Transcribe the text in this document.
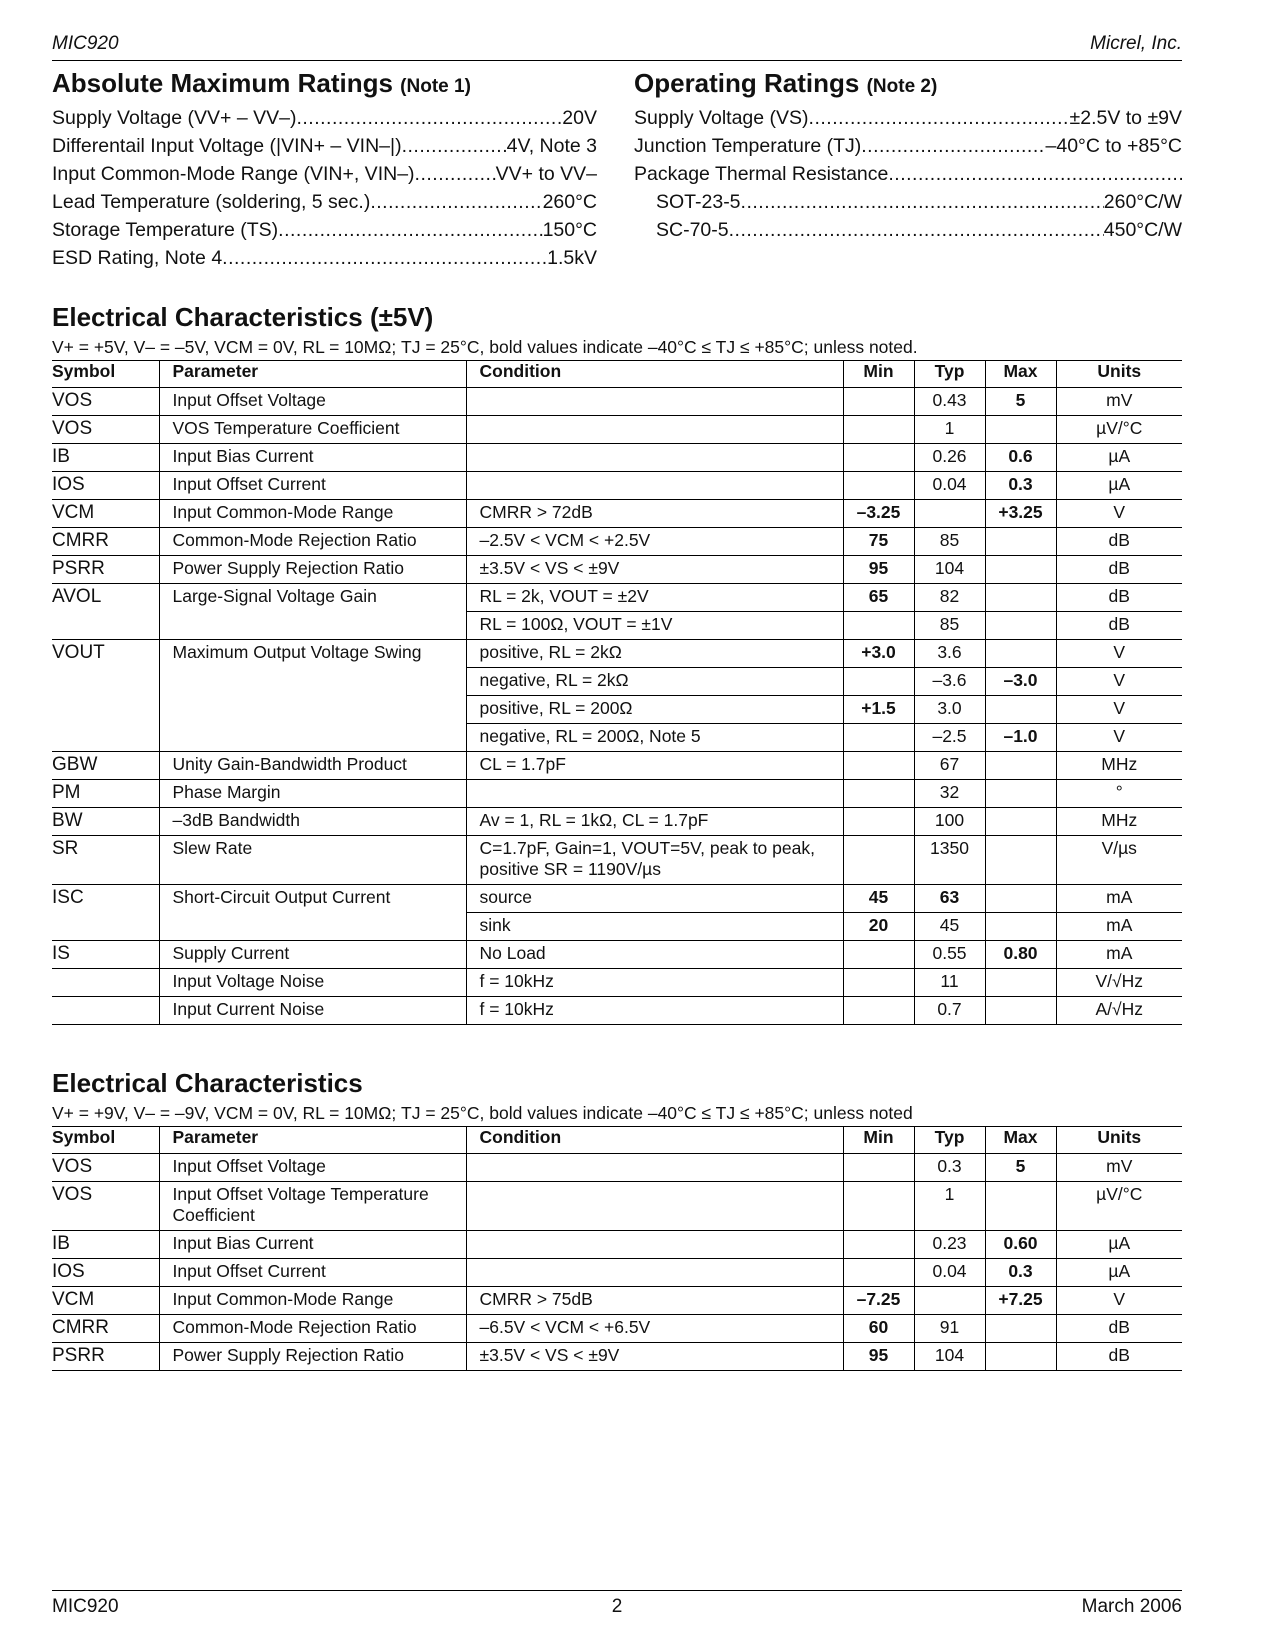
MIC920	Micrel, Inc.
Absolute Maximum Ratings (Note 1)
Supply Voltage (VV+ – VV–) .....	20V
Differentail Input Voltage (|VIN+ – VIN–|) .....	4V, Note 3
Input Common-Mode Range (VIN+, VIN–) .....	VV+ to VV–
Lead Temperature (soldering, 5 sec.) .....	260°C
Storage Temperature (TS) .....	150°C
ESD Rating, Note 4 .....	1.5kV
Operating Ratings (Note 2)
Supply Voltage (VS) .....	±2.5V to ±9V
Junction Temperature (TJ) .....	–40°C to +85°C
Package Thermal Resistance
.....
SOT-23-5 .....	260°C/W
SC-70-5 .....	450°C/W
Electrical Characteristics (±5V)
V+ = +5V, V– = –5V, VCM = 0V, RL = 10MΩ; TJ = 25°C, bold values indicate –40°C ≤ TJ ≤ +85°C; unless noted.
Symbol	Parameter	Condition	Min	Typ	Max	Units
VOS	Input Offset Voltage			0.43	5	mV
VOS	VOS Temperature Coefficient			1		µV/°C
IB	Input Bias Current			0.26	0.6	µA
IOS	Input Offset Current			0.04	0.3	µA
VCM	Input Common-Mode Range	CMRR > 72dB	–3.25		+3.25	V
CMRR	Common-Mode Rejection Ratio	–2.5V < VCM < +2.5V	75	85		dB
PSRR	Power Supply Rejection Ratio	±3.5V < VS < ±9V	95	104		dB
AVOL	Large-Signal Voltage Gain	RL = 2k, VOUT = ±2V	65	82		dB
		RL = 100Ω, VOUT = ±1V		85		dB
VOUT	Maximum Output Voltage Swing	positive, RL = 2kΩ	+3.0	3.6		V
		negative, RL = 2kΩ		–3.6	–3.0	V
		positive, RL = 200Ω	+1.5	3.0		V
		negative, RL = 200Ω, Note 5		–2.5	–1.0	V
GBW	Unity Gain-Bandwidth Product	CL = 1.7pF		67		MHz
PM	Phase Margin			32		°
BW	–3dB Bandwidth	Av = 1, RL = 1kΩ, CL = 1.7pF		100		MHz
SR	Slew Rate	C=1.7pF, Gain=1, VOUT=5V, peak to peak, positive SR = 1190V/µs		1350		V/µs
ISC	Short-Circuit Output Current	source	45	63		mA
		sink	20	45		mA
IS	Supply Current	No Load		0.55	0.80	mA
	Input Voltage Noise	f = 10kHz		11		V/√Hz
	Input Current Noise	f = 10kHz		0.7		A/√Hz
Electrical Characteristics
V+ = +9V, V– = –9V, VCM = 0V, RL = 10MΩ; TJ = 25°C, bold values indicate –40°C ≤ TJ ≤ +85°C; unless noted
Symbol	Parameter	Condition	Min	Typ	Max	Units
VOS	Input Offset Voltage			0.3	5	mV
VOS	Input Offset Voltage Temperature Coefficient			1		µV/°C
IB	Input Bias Current			0.23	0.60	µA
IOS	Input Offset Current			0.04	0.3	µA
VCM	Input Common-Mode Range	CMRR > 75dB	–7.25		+7.25	V
CMRR	Common-Mode Rejection Ratio	–6.5V < VCM < +6.5V	60	91		dB
PSRR	Power Supply Rejection Ratio	±3.5V < VS < ±9V	95	104		dB
MIC920	2	March 2006
